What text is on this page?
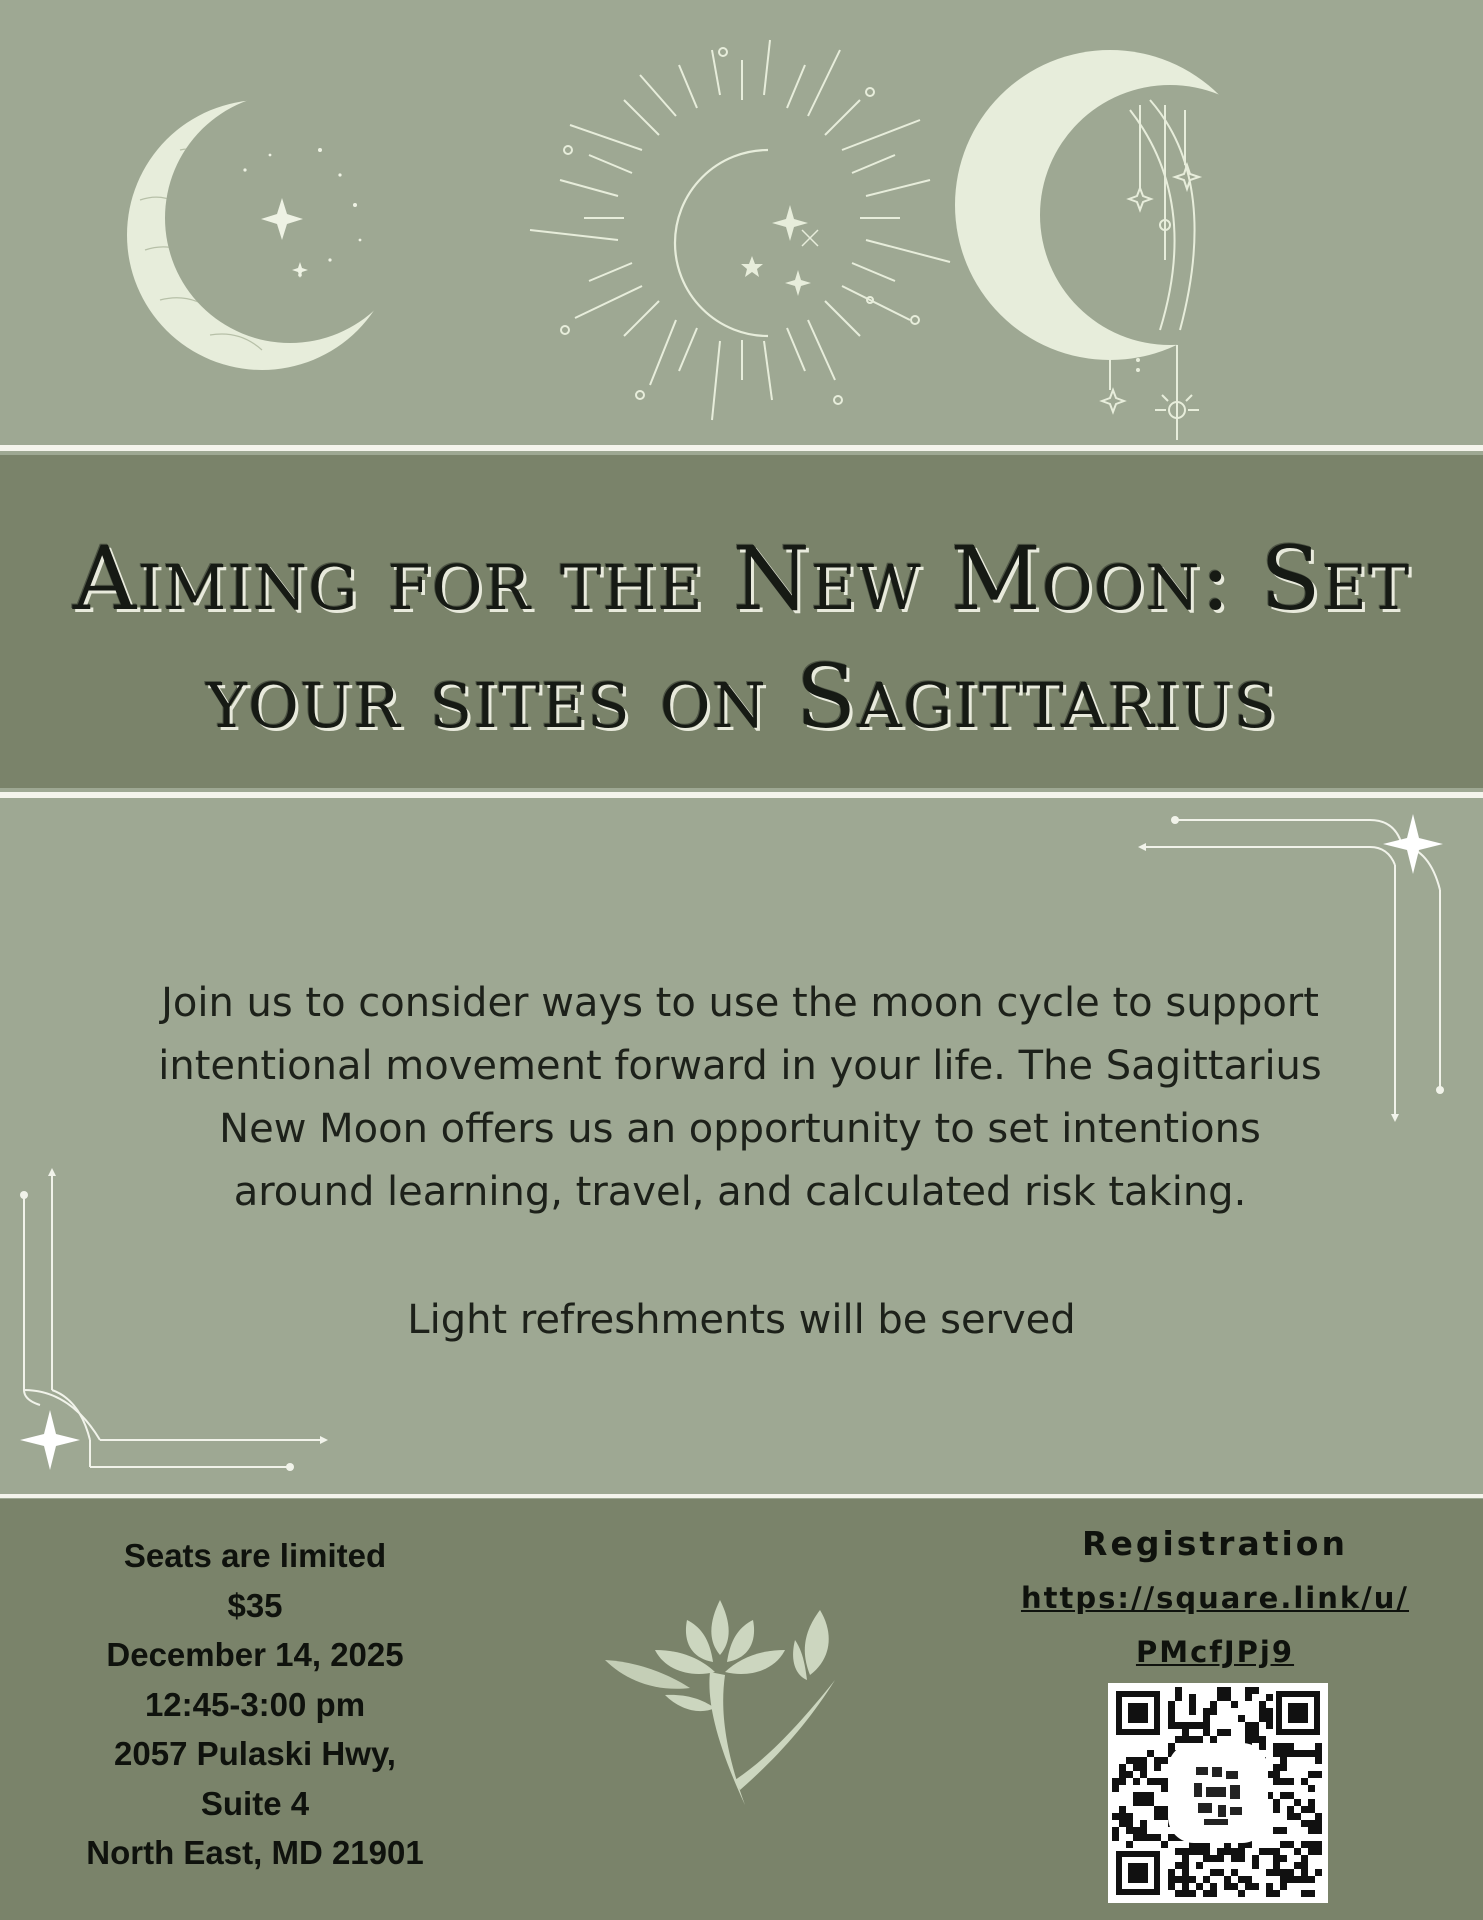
Aiming for the New Moon: Set
your sites on Sagittarius

Join us to consider ways to use the moon cycle to support

intentional movement forward in your life. The Sagittarius

New Moon offers us an opportunity to set intentions

around learning, travel, and calculated risk taking.

Light refreshments will be served
Seats are limited
$35
December 14, 2025
12:45-3:00 pm
2057 Pulaski Hwy,
Suite 4
North East, MD 21901
Registration
https://square.link/u/
PMcfJPj9
